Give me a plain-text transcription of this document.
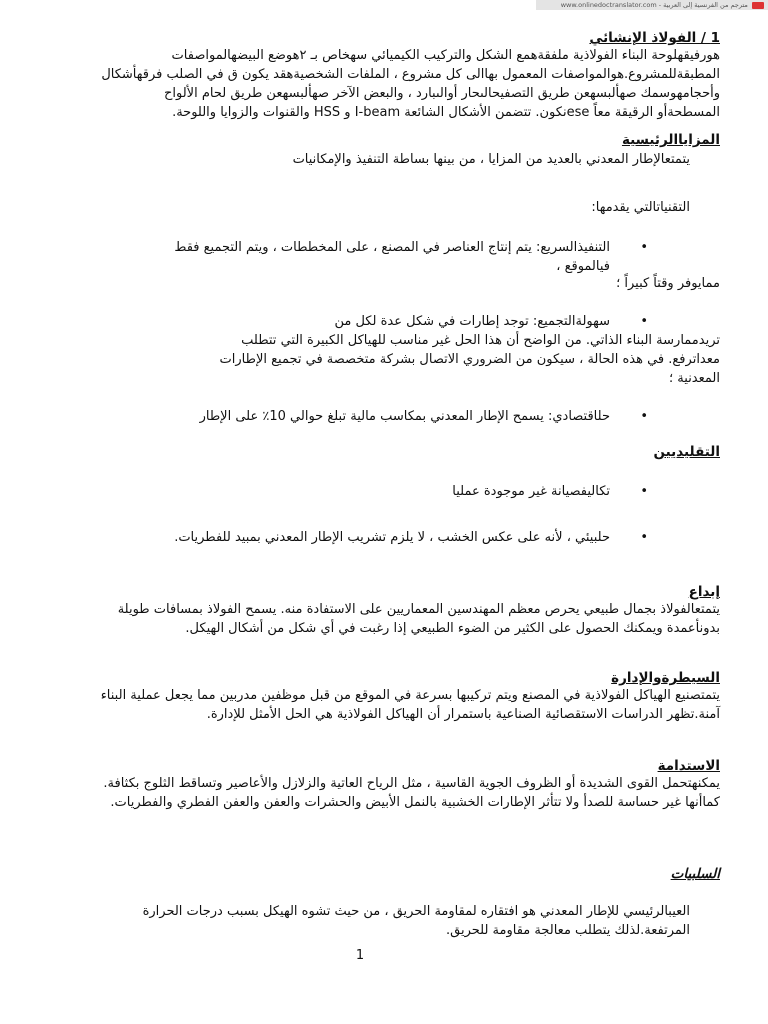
مترجم من الفرنسية إلى العربية - www.onlinedoctranslator.com
1 / الفولاذ الإنشائي

هورفيق‎هلوحة البناء الفولاذية ملفقة‎همع الشكل والتركيب الكيميائي سه‎خاص بـ ٢‎ه‎وضع البيض‎هالمواصفات

المطبقة‎للمشروع.ه‎والمواصفات المعمول بهاالى كل مشروع ، الملفات الشخصية‎هقد يكون ق في الصلب فرق‎هأشكال

وأحجام‎هوسمك صه‎ألبس‎هعن طريق التصفيح‎الىحار أو‎الىبارد ، والبعض الآخر صه‎ألبس‎هعن طريق لحام الألواح

المسطحة‎أو الرقيقة معاً ese‎نكون. تتضمن الأشكال الشائعة I-beam و HSS والقنوات والزوايا واللوحة.

المزاياالرئيسية

يتمتع‎الإطار المعدني بالعديد من المزايا ، من بينها بساطة التنفيذ والإمكانيات

التقنيات‎التي يقدمها:

•

التنفيذ‎السريع: يتم إنتاج العناصر في المصنع ، على المخططات ، ويتم التجميع فقط

في‎الموقع ،

مما‎يوفر وقتاً كبيراً ؛

•

سهولة‎التجميع: توجد إطارات في شكل عدة لكل من

تريد‎ممارسة البناء الذاتي. من الواضح أن هذا الحل غير مناسب للهياكل الكبيرة التي تتطلب

معدات‎رفع. في هذه الحالة ، سيكون من الضروري الاتصال بشركة متخصصة في تجميع الإطارات

المعدنية ؛

•

حل‎اقتصادي: يسمح الإطار المعدني بمكاسب مالية تبلغ حوالي 10٪ على الإطار

التقليديين
•

تكاليف‎صيانة غير موجودة عمليا

•

حل‎بيئي ، لأنه على عكس الخشب ، لا يلزم تشريب الإطار المعدني بمبيد للفطريات.

إبداع

يتمتع‎الفولاذ بجمال طبيعي يحرص معظم المهندسين المعماريين على الاستفادة منه. يسمح الفولاذ بمسافات طويلة

بدون‎أعمدة ويمكنك الحصول على الكثير من الضوء الطبيعي إذا رغبت في أي شكل من أشكال الهيكل.

السيطرة‎والإدارة

يتم‎تصنيع الهياكل الفولاذية في المصنع ويتم تركيبها بسرعة في الموقع من قبل موظفين مدربين مما يجعل عملية البناء

آمنة.تظهر الدراسات الاستقصائية الصناعية باستمرار أن الهياكل الفولاذية هي الحل الأمثل للإدارة.

الاستدامة

يمكنه‎تحمل القوى الشديدة أو الظروف الجوية القاسية ، مثل الرياح العاتية والزلازل والأعاصير وتساقط الثلوج بكثافة.

كما‎أنها غير حساسة للصدأ ولا تتأثر الإطارات الخشبية بالنمل الأبيض والحشرات والعفن والعفن الفطري والفطريات.

السلبيات

العيب‎الرئيسي للإطار المعدني هو افتقاره لمقاومة الحريق ، من حيث تشوه الهيكل بسبب درجات الحرارة

المرتفعة.لذلك يتطلب معالجة مقاومة للحريق.

1
